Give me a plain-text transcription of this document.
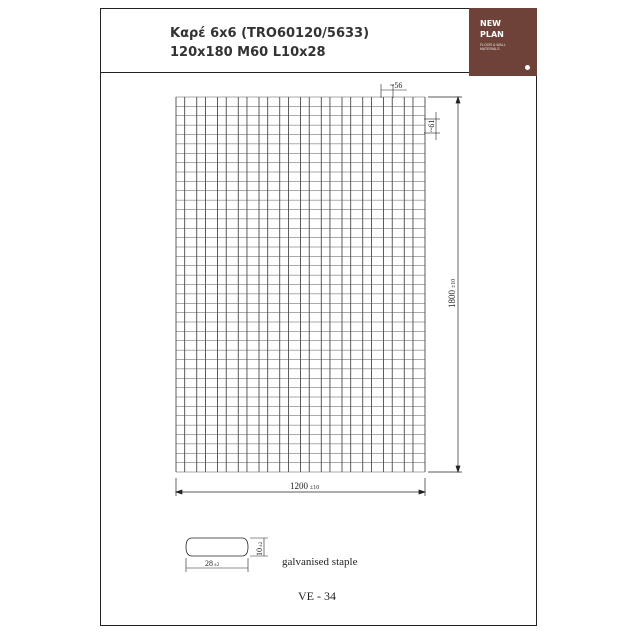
Καρέ 6x6 (TRO60120/5633)
120x180 M60 L10x28
NEW PLAN
FLOOR & WALL MATERIALS
1200 ±10
1800±10
~56
~61
28±2
10±2
galvanised staple
VE - 34
